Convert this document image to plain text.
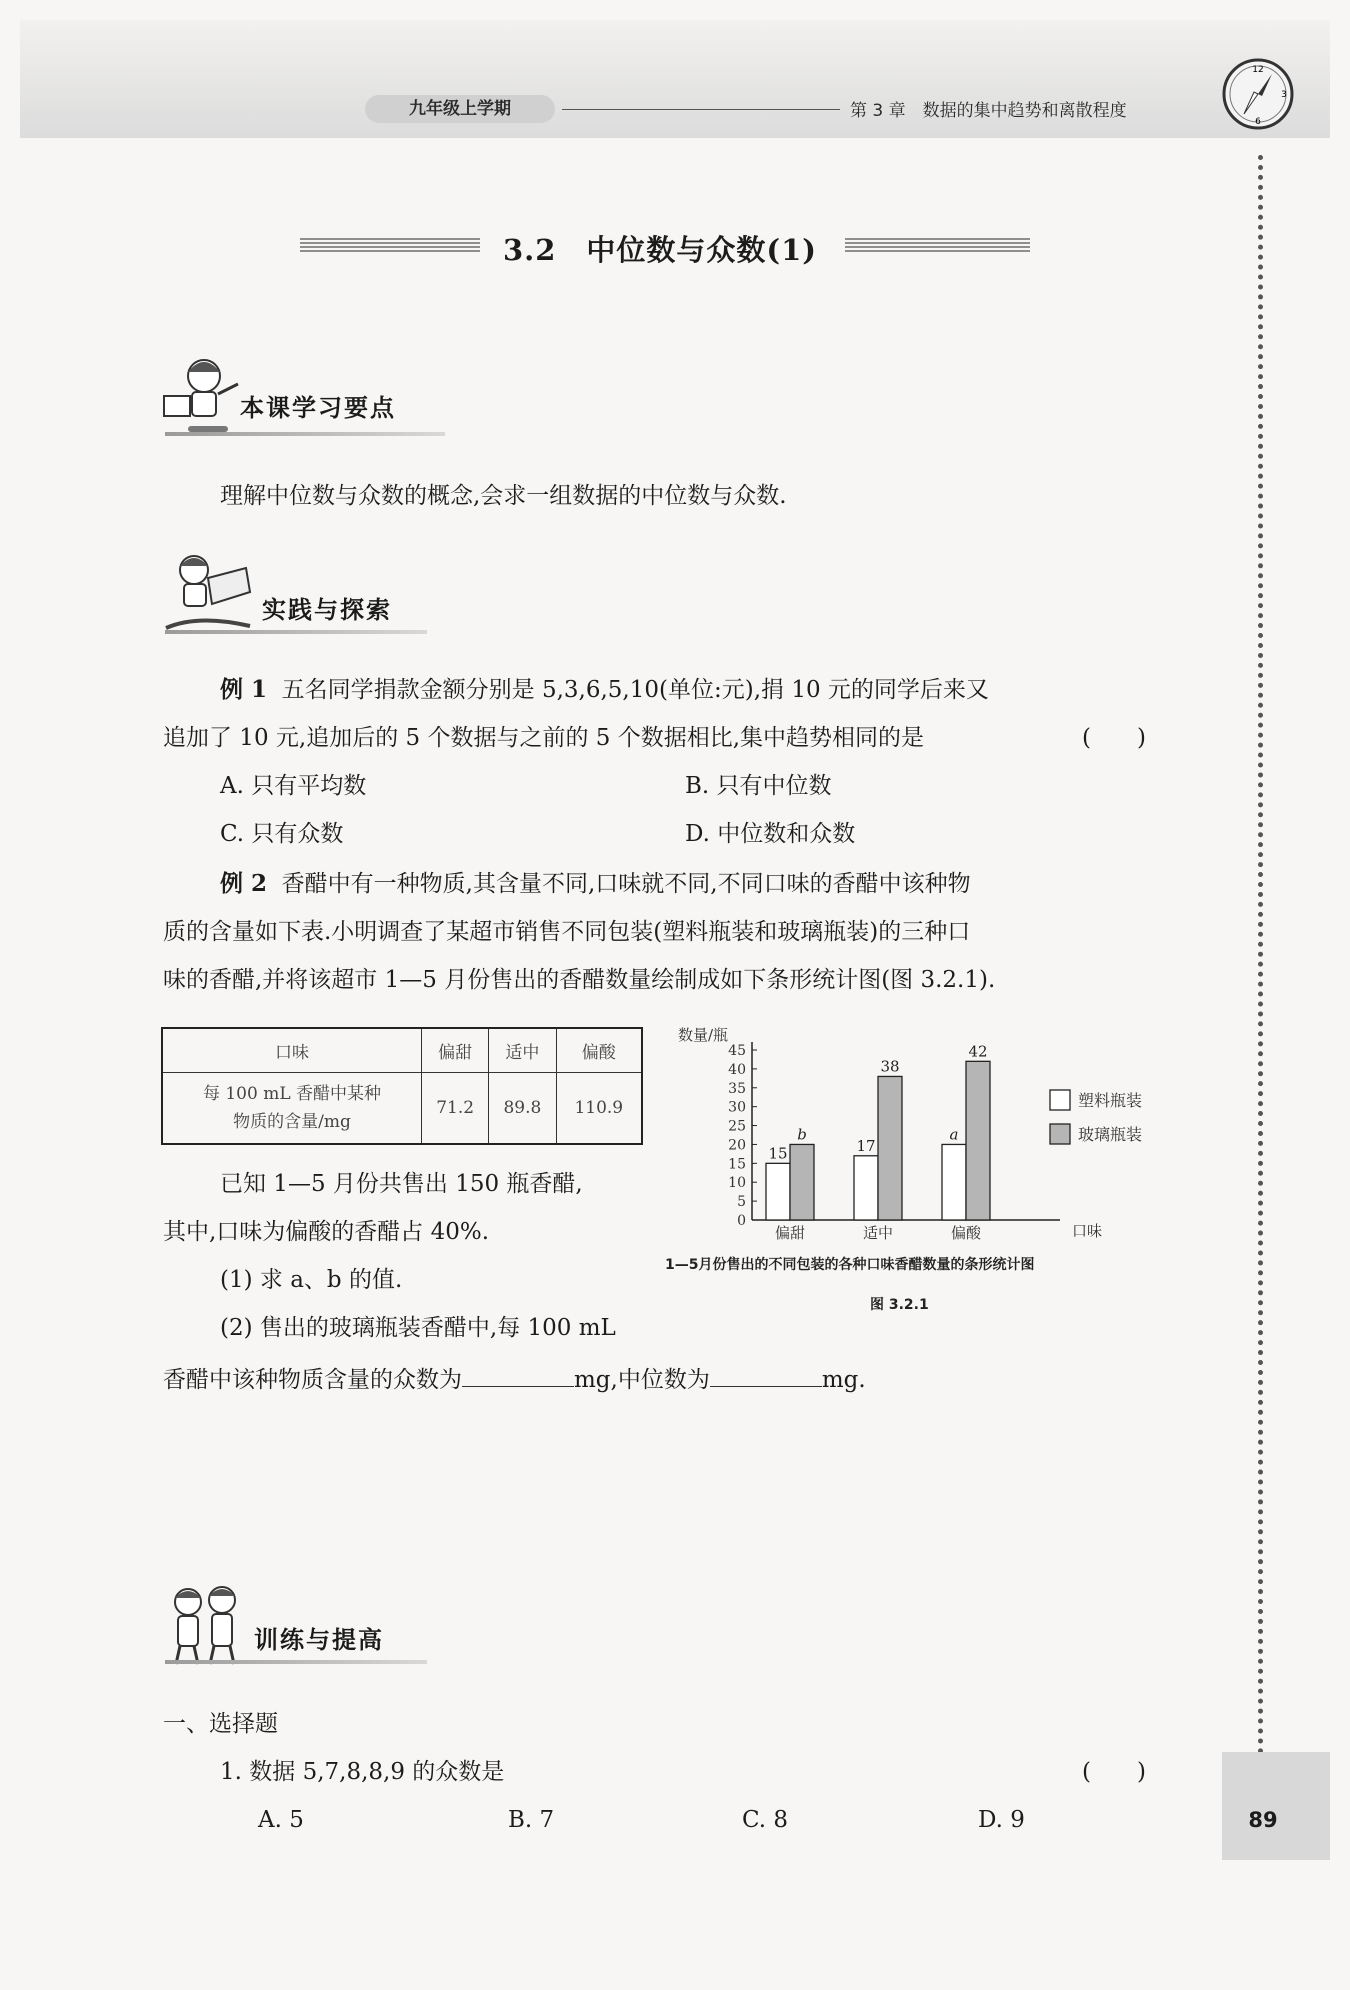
九年级上学期	第 3 章　数据的集中趋势和离散程度
12
3
6
89
3.2　中位数与众数(1)
本课学习要点
理解中位数与众数的概念,会求一组数据的中位数与众数.
实践与探索
例 1 五名同学捐款金额分别是 5,3,6,5,10(单位:元),捐 10 元的同学后来又
追加了 10 元,追加后的 5 个数据与之前的 5 个数据相比,集中趋势相同的是	(　　)
A. 只有平均数	B. 只有中位数
C. 只有众数	D. 中位数和众数
例 2 香醋中有一种物质,其含量不同,口味就不同,不同口味的香醋中该种物
质的含量如下表.小明调查了某超市销售不同包装(塑料瓶装和玻璃瓶装)的三种口
味的香醋,并将该超市 1—5 月份售出的香醋数量绘制成如下条形统计图(图 3.2.1).
口味	偏甜	适中	偏酸
每 100 mL 香醋中某种
物质的含量/mg	71.2	89.8	110.9
数量/瓶
口味
0
5
10
15
20
25
30
35
40
45
偏甜	适中	偏酸
15
b
17
38
a
42
塑料瓶装
玻璃瓶装
1—5月份售出的不同包装的各种口味香醋数量的条形统计图
图 3.2.1
已知 1—5 月份共售出 150 瓶香醋,
其中,口味为偏酸的香醋占 40%.
(1) 求 a、b 的值.
(2) 售出的玻璃瓶装香醋中,每 100 mL
香醋中该种物质含量的众数为	mg,中位数为	mg.
训练与提高
一、选择题
1. 数据 5,7,8,8,9 的众数是	(　　)
A. 5	B. 7	C. 8	D. 9
